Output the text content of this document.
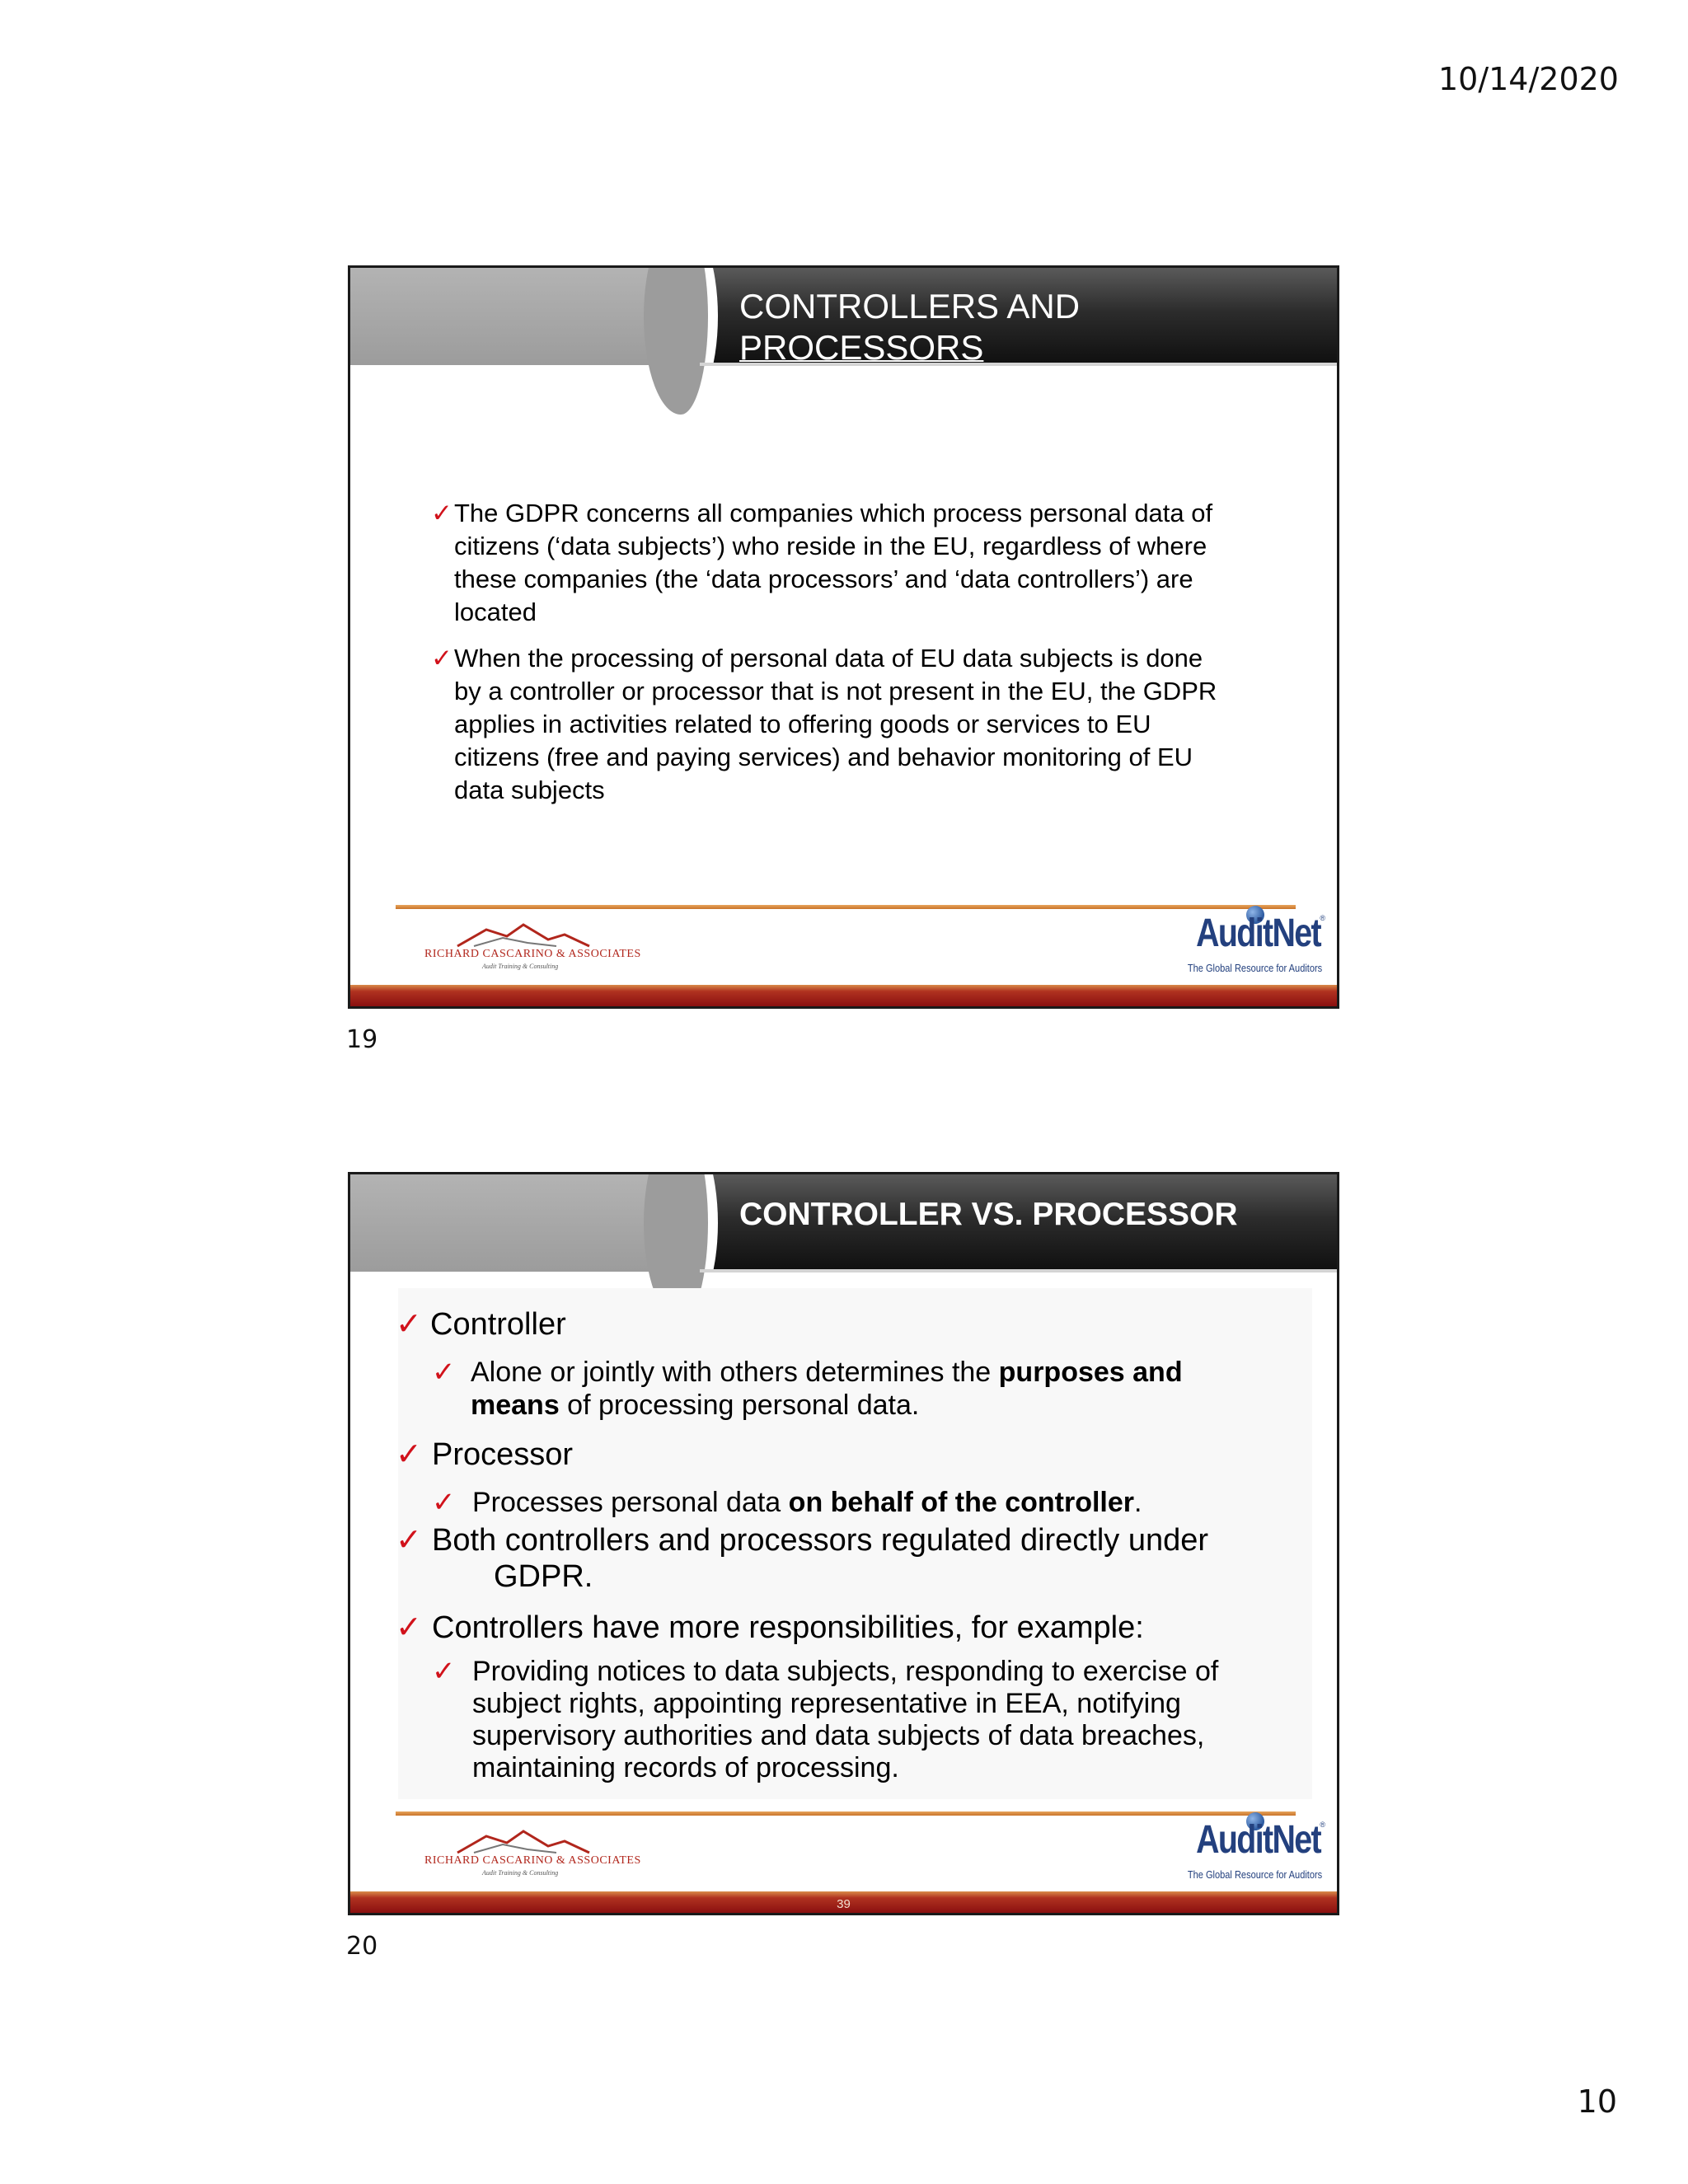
10/14/2020
CONTROLLERS AND
PROCESSORS
✓ The GDPR concerns all companies which process personal data of citizens (‘data subjects’) who reside in the EU, regardless of where these companies (the ‘data processors’ and ‘data controllers’) are located
✓ When the processing of personal data of EU data subjects is done by a controller or processor that is not present in the EU, the GDPR applies in activities related to offering goods or services to EU citizens (free and paying services) and behavior monitoring of EU data subjects
RICHARD CASCARINO & ASSOCIATES
Audit Training & Consulting
AuditNet ®
The Global Resource for Auditors
19
CONTROLLER VS. PROCESSOR
✓ Controller
✓ Alone or jointly with others determines the purposes and means of processing personal data.
✓ Processor
✓ Processes personal data on behalf of the controller.
✓ Both controllers and processors regulated directly under
GDPR.
✓ Controllers have more responsibilities, for example:
✓ Providing notices to data subjects, responding to exercise of subject rights, appointing representative in EEA, notifying supervisory authorities and data subjects of data breaches, maintaining records of processing.
RICHARD CASCARINO & ASSOCIATES
Audit Training & Consulting
AuditNet ®
The Global Resource for Auditors
39
20
10
